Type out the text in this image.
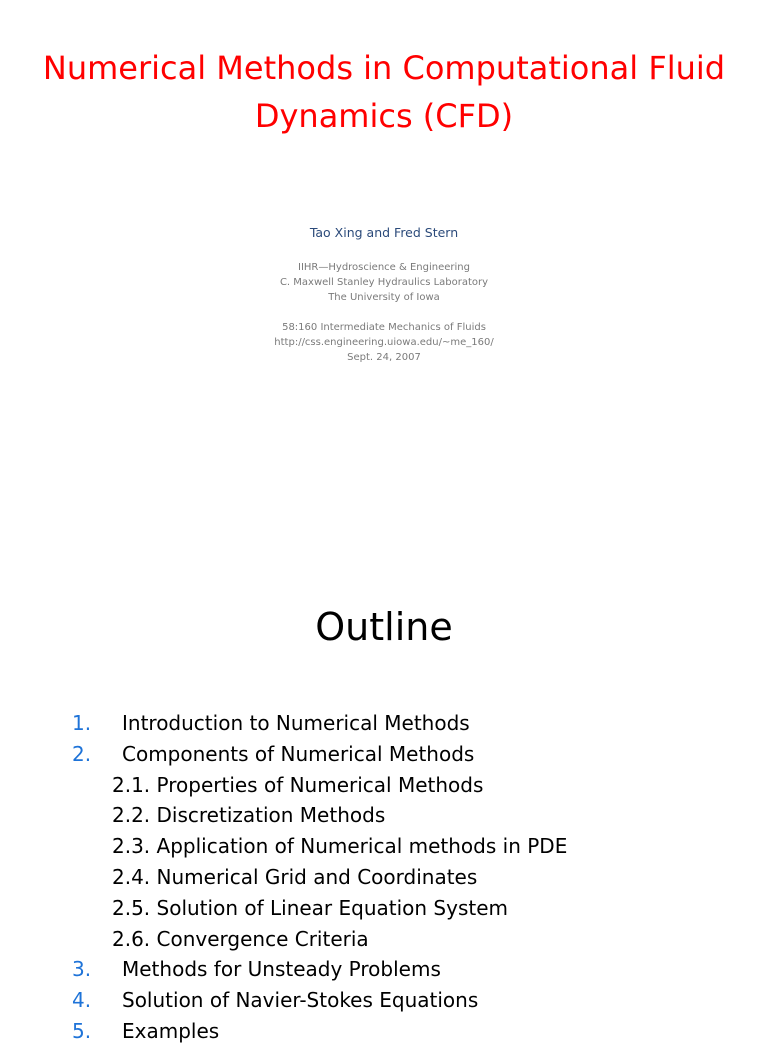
Numerical Methods in Computational Fluid
Dynamics (CFD)
Tao Xing and Fred Stern
IIHR—Hydroscience & Engineering
C. Maxwell Stanley Hydraulics Laboratory
The University of Iowa
58:160 Intermediate Mechanics of Fluids
http://css.engineering.uiowa.edu/~me_160/
Sept. 24, 2007
Outline
1. Introduction to Numerical Methods
2. Components of Numerical Methods
2.1. Properties of Numerical Methods
2.2. Discretization Methods
2.3. Application of Numerical methods in PDE
2.4. Numerical Grid and Coordinates
2.5. Solution of Linear Equation System
2.6. Convergence Criteria
3. Methods for Unsteady Problems
4. Solution of Navier-Stokes Equations
5. Examples
